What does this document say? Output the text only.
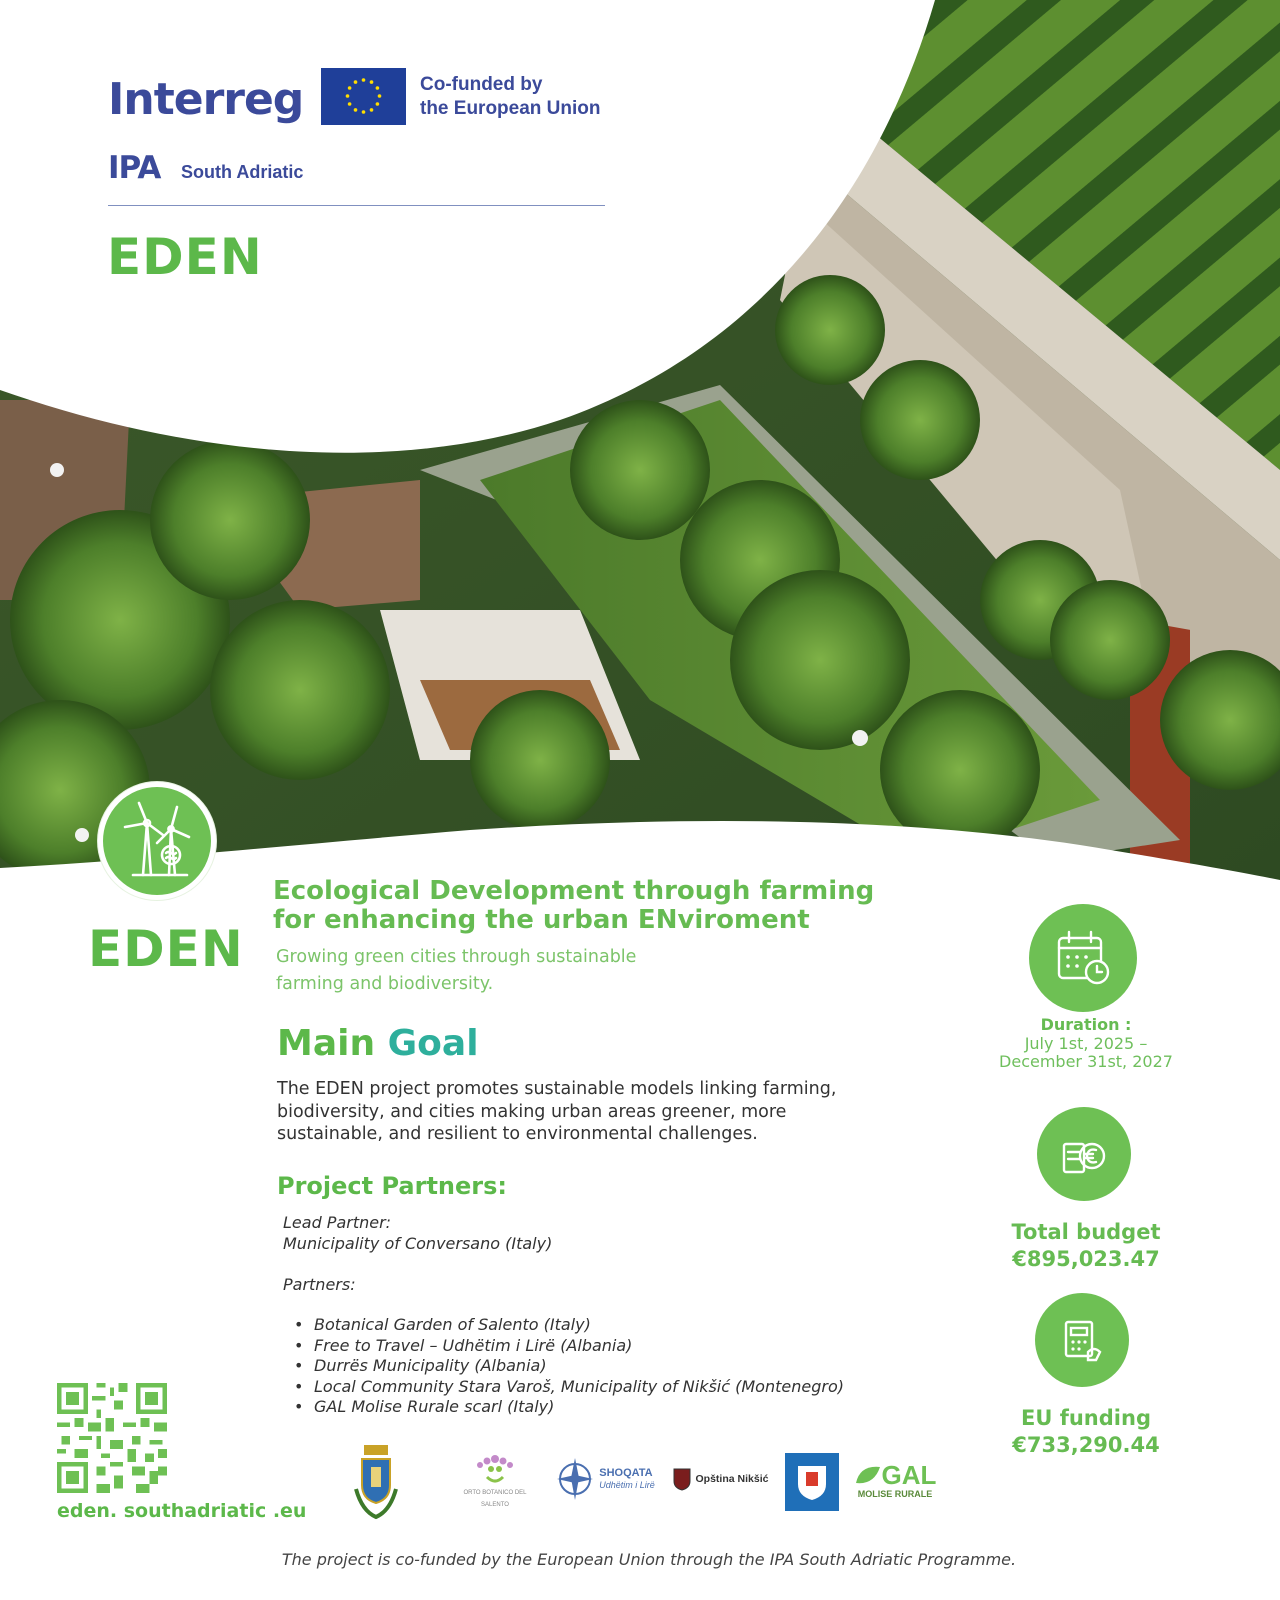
Interreg	Co-funded by
the European Union
IPA South Adriatic
EDEN
EDEN
eden. southadriatic .eu
Ecological Development through farming for enhancing the urban ENviroment
Growing green cities through sustainable farming and biodiversity.
Main Goal
The EDEN project promotes sustainable models linking farming, biodiversity, and cities making urban areas greener, more sustainable, and resilient to environmental challenges.
Project Partners:
Lead Partner:
Municipality of Conversano (Italy)
Partners:
• Botanical Garden of Salento (Italy)
• Free to Travel – Udhëtim i Lirë (Albania)
• Durrës Municipality (Albania)
• Local Community Stara Varoš, Municipality of Nikšić (Montenegro)
• GAL Molise Rurale scarl (Italy)
ORTO BOTANICO DEL SALENTO
SHOQATA
Udhëtim i Lirë	Opština Nikšić	GAL
MOLISE RURALE
The project is co-funded by the European Union through the IPA South Adriatic Programme.
Duration :
July 1st, 2025 –
December 31st, 2027
Total budget
€895,023.47
EU funding
€733,290.44
